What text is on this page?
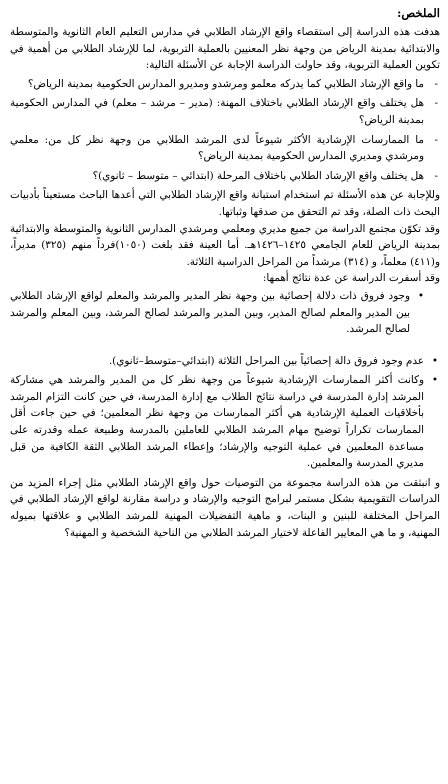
الملخص:

هدفت هذه الدراسة إلى استقصاء واقع الإرشاد الطلابي في مدارس التعليم العام الثانوية والمتوسطة والابتدائية بمدينة الرياض من وجهة نظر المعنيين بالعملية التربوية، لما للإرشاد الطلابي من أهمية في تكوين العملية التربوية، وقد حاولت الدراسة الإجابة عن الأسئلة التالية:

-
ما واقع الإرشاد الطلابي كما يدركه معلمو ومرشدو ومديرو المدارس الحكومية بمدينة الرياض؟
-
هل يختلف واقع الإرشاد الطلابي باختلاف المهنة: (مدير – مرشد – معلم) في المدارس الحكومية بمدينة الرياض؟
-
ما الممارسات الإرشادية الأكثر شيوعاً لدى المرشد الطلابي من وجهة نظر كل من: معلمي ومرشدي ومديري المدارس الحكومية بمدينة الرياض؟
-
هل يختلف واقع الإرشاد الطلابي باختلاف المرحلة (ابتدائي – متوسط – ثانوي)؟

وللإجابة عن هذه الأسئلة تم استخدام استبانة واقع الإرشاد الطلابي التي أعدها الباحث مستعيناً بأدبيات البحث ذات الصلة، وقد تم التحقق من صدقها وثباتها.

وقد تكوّن مجتمع الدراسة من جميع مديري ومعلمي ومرشدي المدارس الثانوية والمتوسطة والابتدائية بمدينة الرياض للعام الجامعي ١٤٢٥–١٤٢٦هـ. أما العينة فقد بلغت (١٠٥٠)فرداً منهم (٣٢٥) مديراً، و(٤١١) معلماً، و (٣١٤) مرشداً من المراحل الدراسية الثلاثة.

وقد أسفرت الدراسة عن عدة نتائج أهمها:

•
وجود فروق ذات دلالة إحصائية بين وجهة نظر المدير والمرشد والمعلم لواقع الإرشاد الطلابي بين المدير والمعلم لصالح المدير، وبين المدير والمرشد لصالح المرشد، وبين المعلم والمرشد لصالح المرشد.
•
عدم وجود فروق دالة إحصائياً بين المراحل الثلاثة (ابتدائي–متوسط–ثانوي).
•
وكانت أكثر الممارسات الإرشادية شيوعاً من وجهة نظر كل من المدير والمرشد هي مشاركة المرشد إدارة المدرسة في دراسة نتائج الطلاب مع إدارة المدرسة، في حين كانت التزام المرشد بأخلاقيات العملية الإرشادية هي أكثر الممارسات من وجهة نظر المعلمين؛ في حين جاءت أقل الممارسات تكراراً توضيح مهام المرشد الطلابي للعاملين بالمدرسة وطبيعة عمله وقدرته على مساعدة المعلمين في عملية التوجيه والإرشاد؛ وإعطاء المرشد الطلابي الثقة الكافية من قبل مديري المدرسة والمعلمين.

و انبثقت من هذه الدراسة مجموعة من التوصيات حول واقع الإرشاد الطلابي مثل إجراء المزيد من الدراسات التقويمية بشكل مستمر لبرامج التوجيه والإرشاد و دراسة مقارنة لواقع الإرشاد الطلابي في المراحل المختلفة للبنين و البنات، و ماهية التفضيلات المهنية للمرشد الطلابي و علاقتها بميوله المهنية، و ما هي المعايير الفاعلة لاختيار المرشد الطلابي من الناحية الشخصية و المهنية؟
